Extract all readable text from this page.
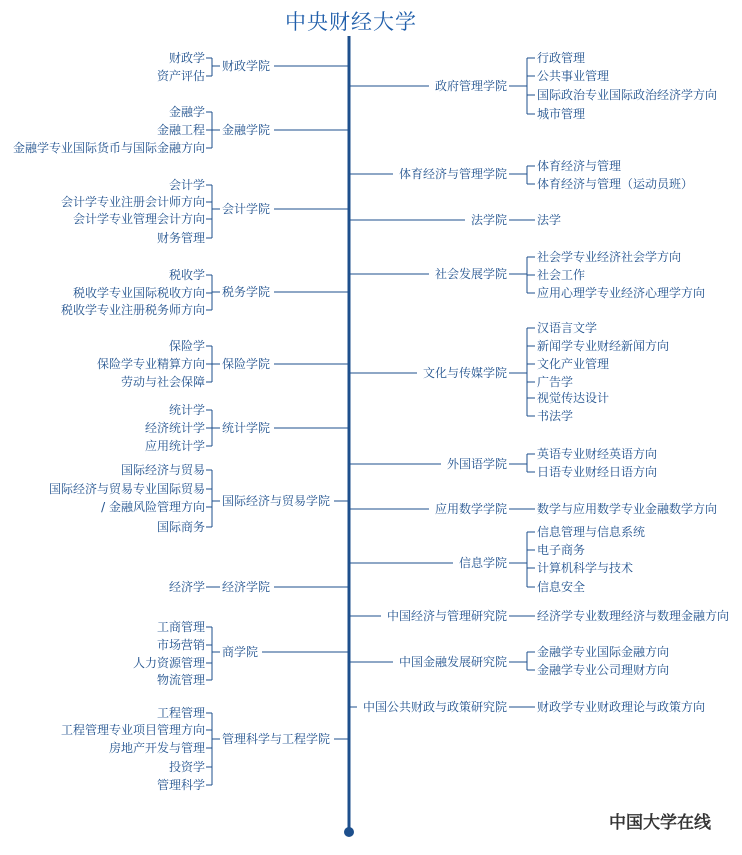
中央财经大学
财政学院
财政学
资产评估
金融学院
金融学
金融工程
金融学专业国际货币与国际金融方向
会计学院
会计学
会计学专业注册会计师方向
会计学专业管理会计方向
财务管理
税务学院
税收学
税收学专业国际税收方向
税收学专业注册税务师方向
保险学院
保险学
保险学专业精算方向
劳动与社会保障
统计学院
统计学
经济统计学
应用统计学
国际经济与贸易学院
国际经济与贸易
国际经济与贸易专业国际贸易
/ 金融风险管理方向
国际商务
经济学院
经济学
商学院
工商管理
市场营销
人力资源管理
物流管理
管理科学与工程学院
工程管理
工程管理专业项目管理方向
房地产开发与管理
投资学
管理科学
政府管理学院
行政管理
公共事业管理
国际政治专业国际政治经济学方向
城市管理
体育经济与管理学院
体育经济与管理
体育经济与管理（运动员班）
法学院	法学
社会发展学院
社会学专业经济社会学方向
社会工作
应用心理学专业经济心理学方向
文化与传媒学院
汉语言文学
新闻学专业财经新闻方向
文化产业管理
广告学
视觉传达设计
书法学
外国语学院
英语专业财经英语方向
日语专业财经日语方向
应用数学学院	数学与应用数学专业金融数学方向
信息学院
信息管理与信息系统
电子商务
计算机科学与技术
信息安全
中国经济与管理研究院	经济学专业数理经济与数理金融方向
中国金融发展研究院
金融学专业国际金融方向
金融学专业公司理财方向
中国公共财政与政策研究院	财政学专业财政理论与政策方向
中国大学在线
